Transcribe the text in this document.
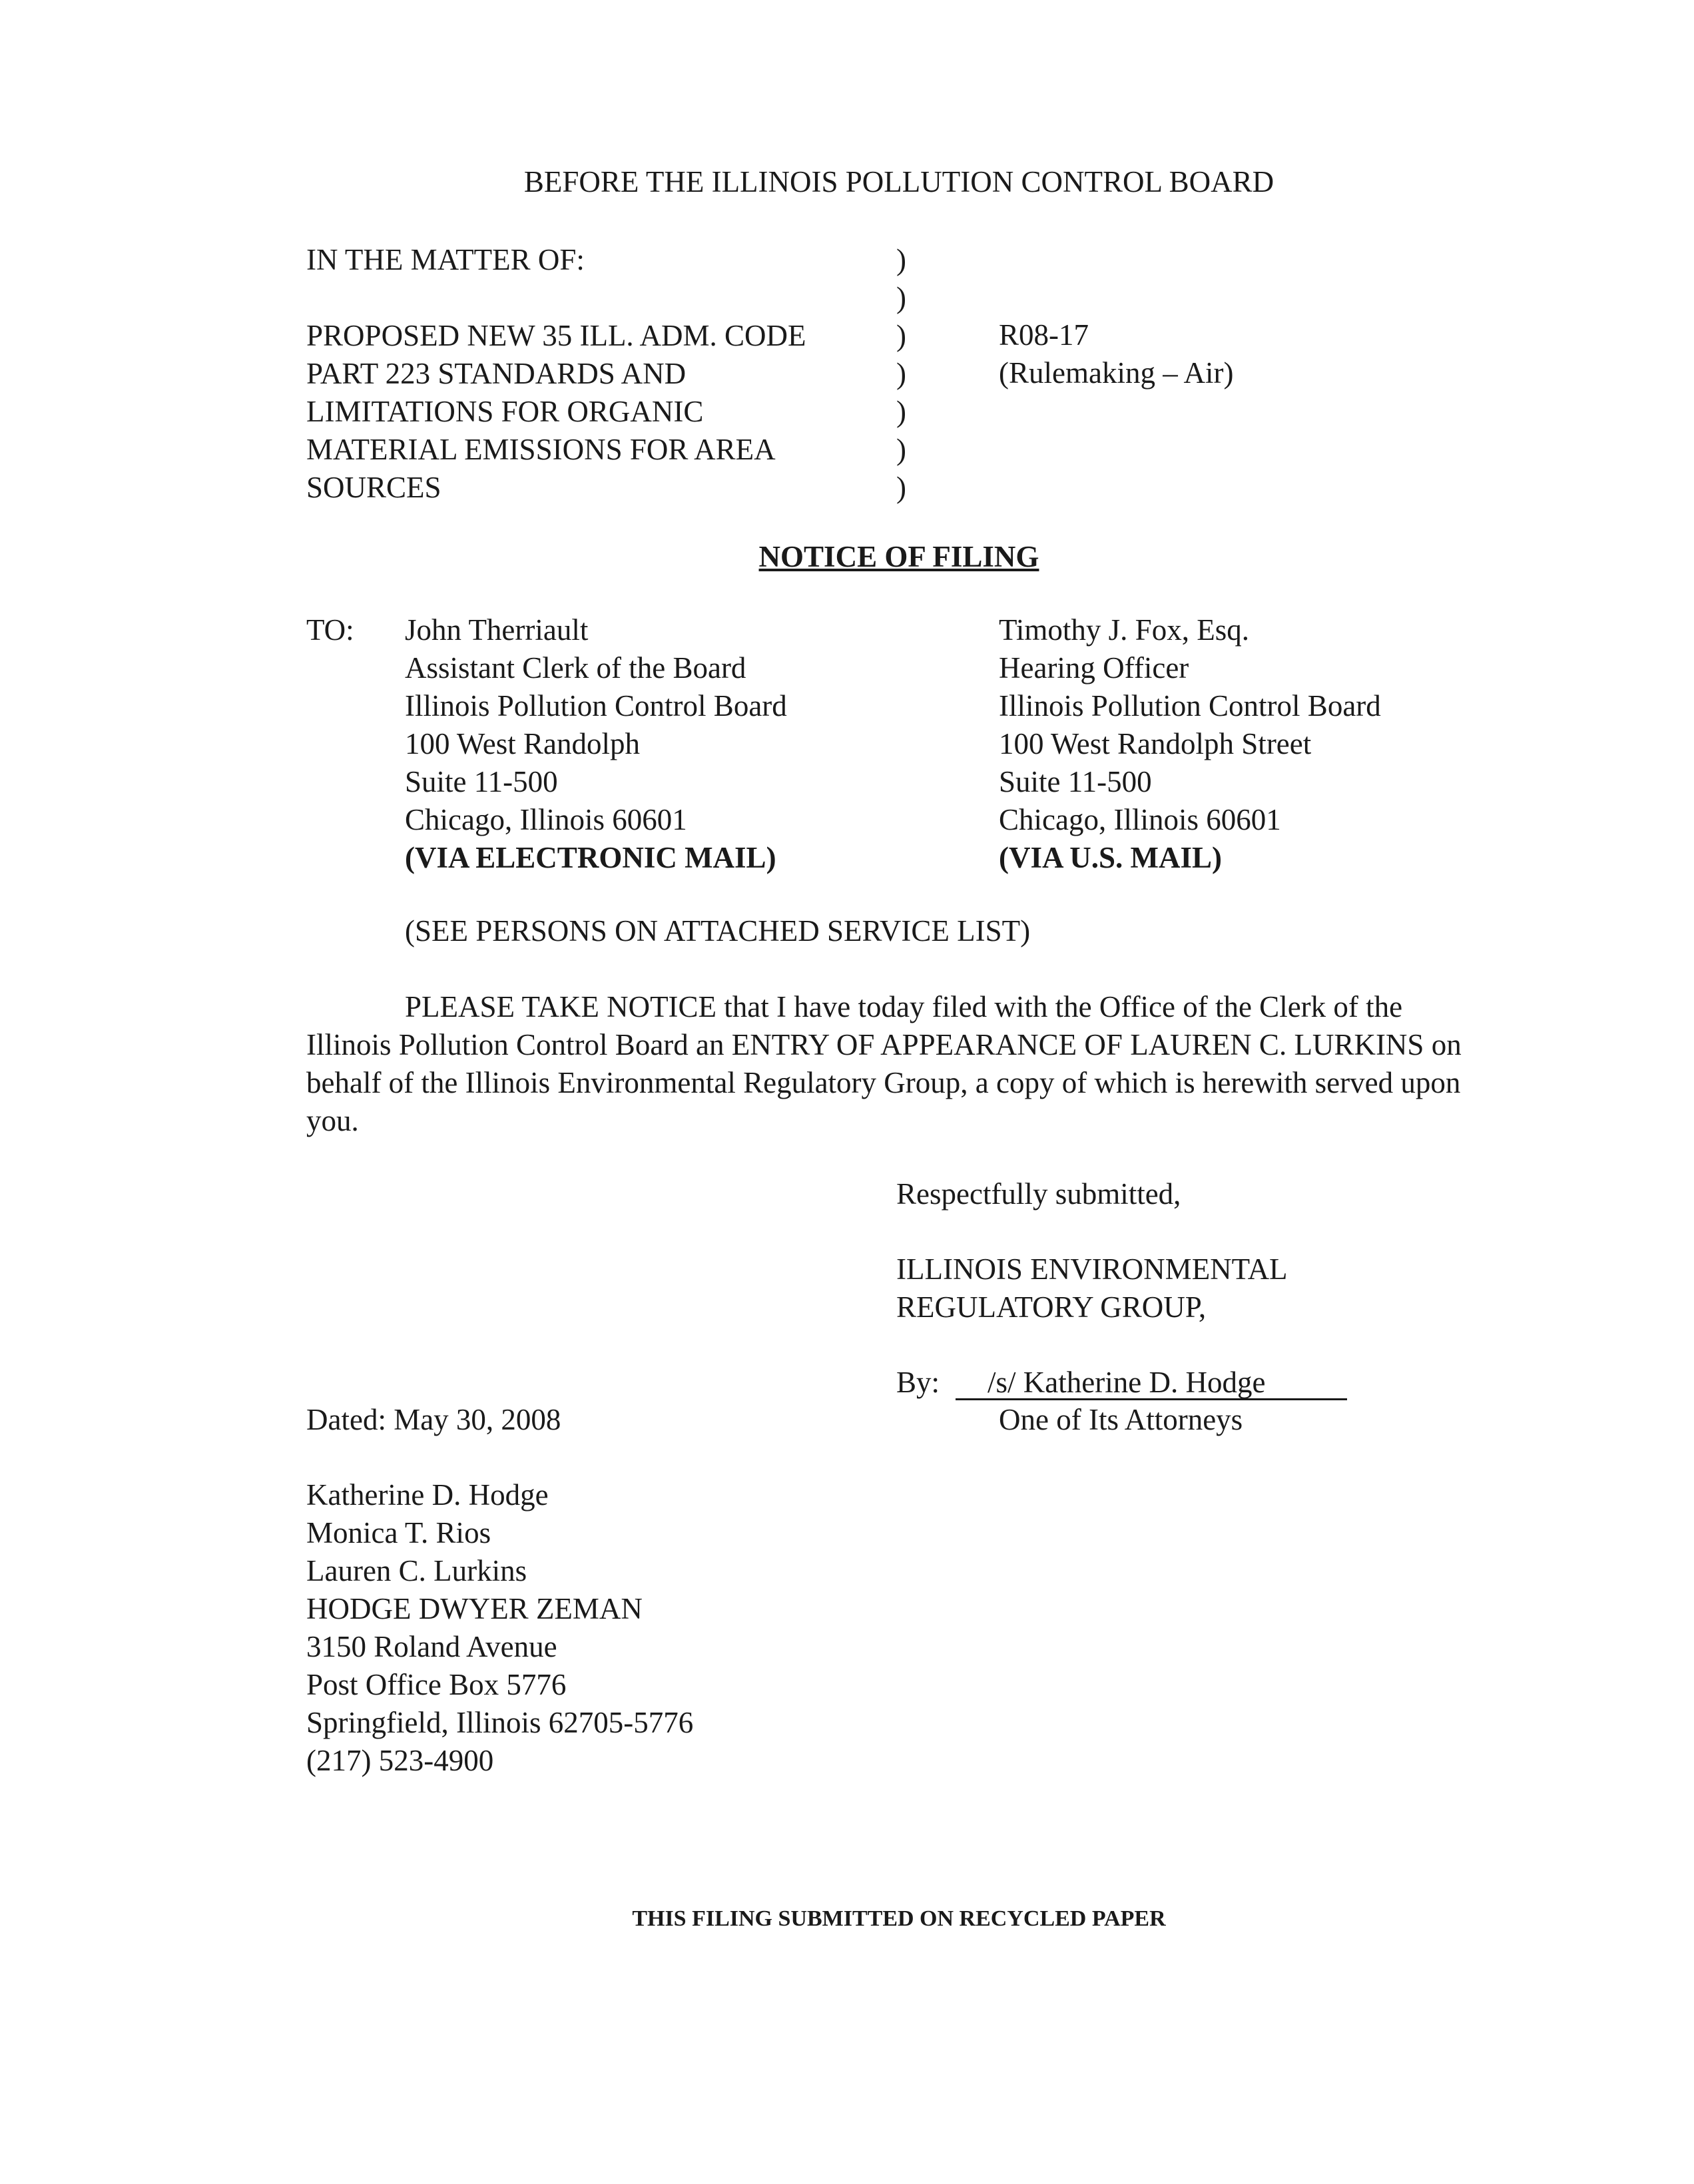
BEFORE THE ILLINOIS POLLUTION CONTROL BOARD
IN THE MATTER OF:
PROPOSED NEW 35 ILL. ADM. CODE
PART 223 STANDARDS AND
LIMITATIONS FOR ORGANIC
MATERIAL EMISSIONS FOR AREA
SOURCES
)
)
)
)
)
)
)
R08-17
(Rulemaking – Air)
NOTICE OF FILING
TO: John Therriault
Assistant Clerk of the Board
Illinois Pollution Control Board
100 West Randolph
Suite 11-500
Chicago, Illinois 60601
(VIA ELECTRONIC MAIL)
Timothy J. Fox, Esq.
Hearing Officer
Illinois Pollution Control Board
100 West Randolph Street
Suite 11-500
Chicago, Illinois 60601
(VIA U.S. MAIL)
(SEE PERSONS ON ATTACHED SERVICE LIST)

PLEASE TAKE NOTICE that I have today filed with the Office of the Clerk of the Illinois Pollution Control Board an ENTRY OF APPEARANCE OF LAUREN C. LURKINS on behalf of the Illinois Environmental Regulatory Group, a copy of which is herewith served upon you.

Respectfully submitted,
ILLINOIS ENVIRONMENTAL
REGULATORY GROUP,
By: /s/ Katherine D. Hodge
One of Its Attorneys
Dated: May 30, 2008
Katherine D. Hodge
Monica T. Rios
Lauren C. Lurkins
HODGE DWYER ZEMAN
3150 Roland Avenue
Post Office Box 5776
Springfield, Illinois 62705-5776
(217) 523-4900
THIS FILING SUBMITTED ON RECYCLED PAPER
